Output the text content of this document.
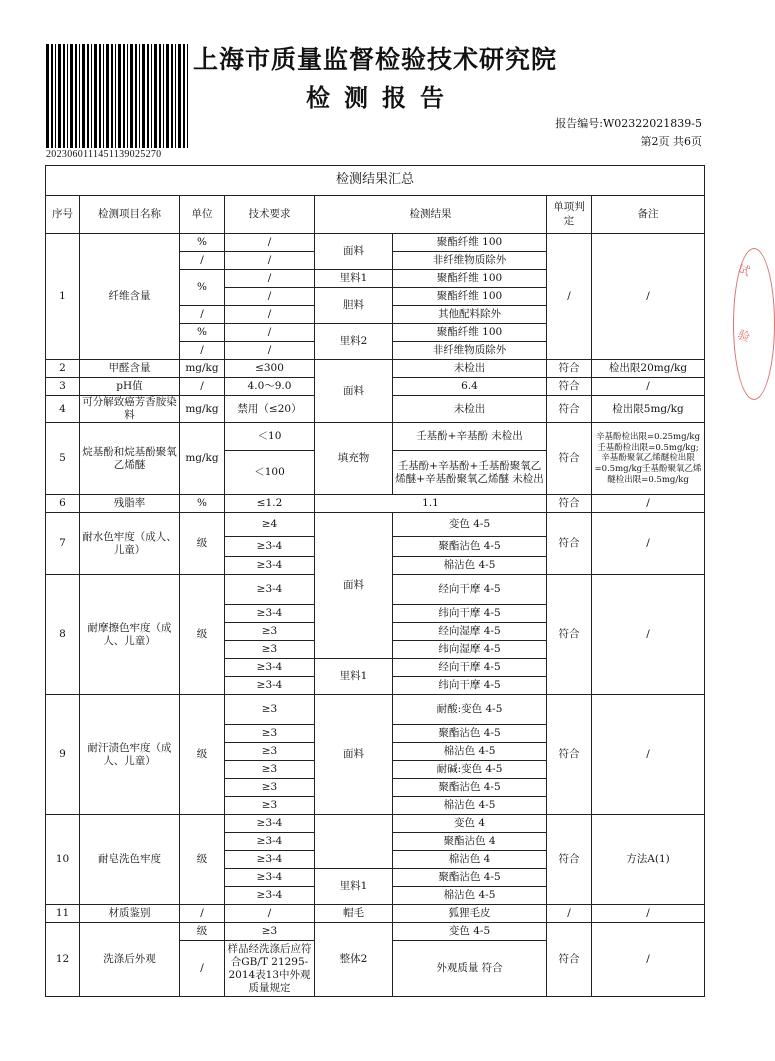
20230601114511390252​70
上海市质量监督检验技术研究院
检测报告
报告编号:W02322021839-5
第2页 共6页
试
验
检测结果汇总							
序号	检测项目名称	单位	技术要求	检测结果		单项判定	备注
1	纤维含量	%	/	面料	聚酯纤维 100	/	/
		/	/		非纤维物质除外		
		%	/	里料1	聚酯纤维 100		
			/	胆料	聚酯纤维 100		
		/	/		其他配料除外		
		%	/	里料2	聚酯纤维 100		
		/	/		非纤维物质除外		
2	甲醛含量	mg/kg	≤300	面料	未检出	符合	检出限20mg/kg
3	pH值	/	4.0～9.0		6.4	符合	/
4	可分解致癌芳香胺染料	mg/kg	禁用（≤20）		未检出	符合	检出限5mg/kg
5	烷基酚和烷基酚聚氧乙烯醚	mg/kg	＜10	填充物	壬基酚+辛基酚 未检出	符合	辛基酚检出限=0.25mg/kg壬基酚检出限=0.5mg/kg;辛基酚聚氧乙烯醚检出限=0.5mg/kg壬基酚聚氧乙烯醚检出限=0.5mg/kg
			＜100		壬基酚+辛基酚+壬基酚聚氧乙烯醚+辛基酚聚氧乙烯醚 未检出		
6	残脂率	%	≤1.2	1.1		符合	/
7	耐水色牢度（成人、儿童）	级	≥4	面料	变色 4-5	符合	/
			≥3-4		聚酯沾色 4-5		
			≥3-4		棉沾色 4-5		
8	耐摩擦色牢度（成人、儿童）	级	≥3-4		经向干摩 4-5	符合	/
			≥3-4		纬向干摩 4-5		
			≥3		经向湿摩 4-5		
			≥3		纬向湿摩 4-5		
			≥3-4	里料1	经向干摩 4-5		
			≥3-4		纬向干摩 4-5		
9	耐汗渍色牢度（成人、儿童）	级	≥3	面料	耐酸:变色 4-5	符合	/
			≥3		聚酯沾色 4-5		
			≥3		棉沾色 4-5		
			≥3		耐碱:变色 4-5		
			≥3		聚酯沾色 4-5		
			≥3		棉沾色 4-5		
10	耐皂洗色牢度	级	≥3-4		变色 4	符合	方法A(1)
			≥3-4		聚酯沾色 4		
			≥3-4		棉沾色 4		
			≥3-4	里料1	聚酯沾色 4-5		
			≥3-4		棉沾色 4-5		
11	材质鉴别	/	/	帽毛	狐狸毛皮	/	/
12	洗涤后外观	级	≥3	整体2	变色 4-5	符合	/
		/	样品经洗涤后应符合GB/T 21295-2014表13中外观质量规定		外观质量 符合		
